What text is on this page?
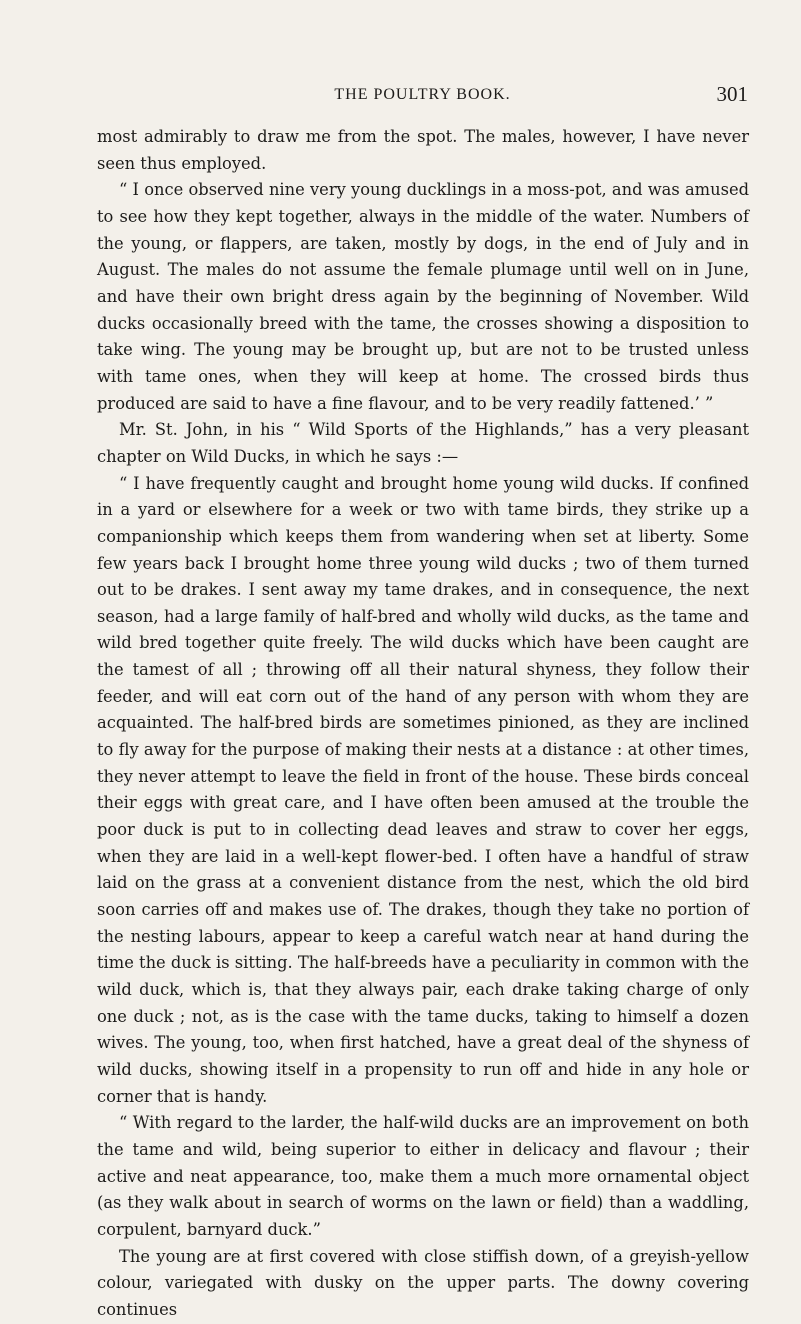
THE POULTRY BOOK.	301

most admirably to draw me from the spot. The males, however, I have never seen thus employed.

“ I once observed nine very young ducklings in a moss-pot, and was amused to see how they kept together, always in the middle of the water. Numbers of the young, or flappers, are taken, mostly by dogs, in the end of July and in August. The males do not assume the female plumage until well on in June, and have their own bright dress again by the beginning of November. Wild ducks occasionally breed with the tame, the crosses showing a disposition to take wing. The young may be brought up, but are not to be trusted unless with tame ones, when they will keep at home. The crossed birds thus produced are said to have a fine flavour, and to be very readily fattened.’ ”

Mr. St. John, in his “ Wild Sports of the Highlands,” has a very pleasant chapter on Wild Ducks, in which he says :—

“ I have frequently caught and brought home young wild ducks. If confined in a yard or elsewhere for a week or two with tame birds, they strike up a companionship which keeps them from wandering when set at liberty. Some few years back I brought home three young wild ducks ; two of them turned out to be drakes. I sent away my tame drakes, and in consequence, the next season, had a large family of half-bred and wholly wild ducks, as the tame and wild bred together quite freely. The wild ducks which have been caught are the tamest of all ; throwing off all their natural shyness, they follow their feeder, and will eat corn out of the hand of any person with whom they are acquainted. The half-bred birds are sometimes pinioned, as they are inclined to fly away for the purpose of making their nests at a distance : at other times, they never attempt to leave the field in front of the house. These birds conceal their eggs with great care, and I have often been amused at the trouble the poor duck is put to in collecting dead leaves and straw to cover her eggs, when they are laid in a well-kept flower-bed. I often have a handful of straw laid on the grass at a convenient distance from the nest, which the old bird soon carries off and makes use of. The drakes, though they take no portion of the nesting labours, appear to keep a careful watch near at hand during the time the duck is sitting. The half-breeds have a peculiarity in common with the wild duck, which is, that they always pair, each drake taking charge of only one duck ; not, as is the case with the tame ducks, taking to himself a dozen wives. The young, too, when first hatched, have a great deal of the shyness of wild ducks, showing itself in a propensity to run off and hide in any hole or corner that is handy.

“ With regard to the larder, the half-wild ducks are an improvement on both the tame and wild, being superior to either in delicacy and flavour ; their active and neat appearance, too, make them a much more ornamental object (as they walk about in search of worms on the lawn or field) than a waddling, corpulent, barnyard duck.”

The young are at first covered with close stiffish down, of a greyish-yellow colour, variegated with dusky on the upper parts. The downy covering continues
